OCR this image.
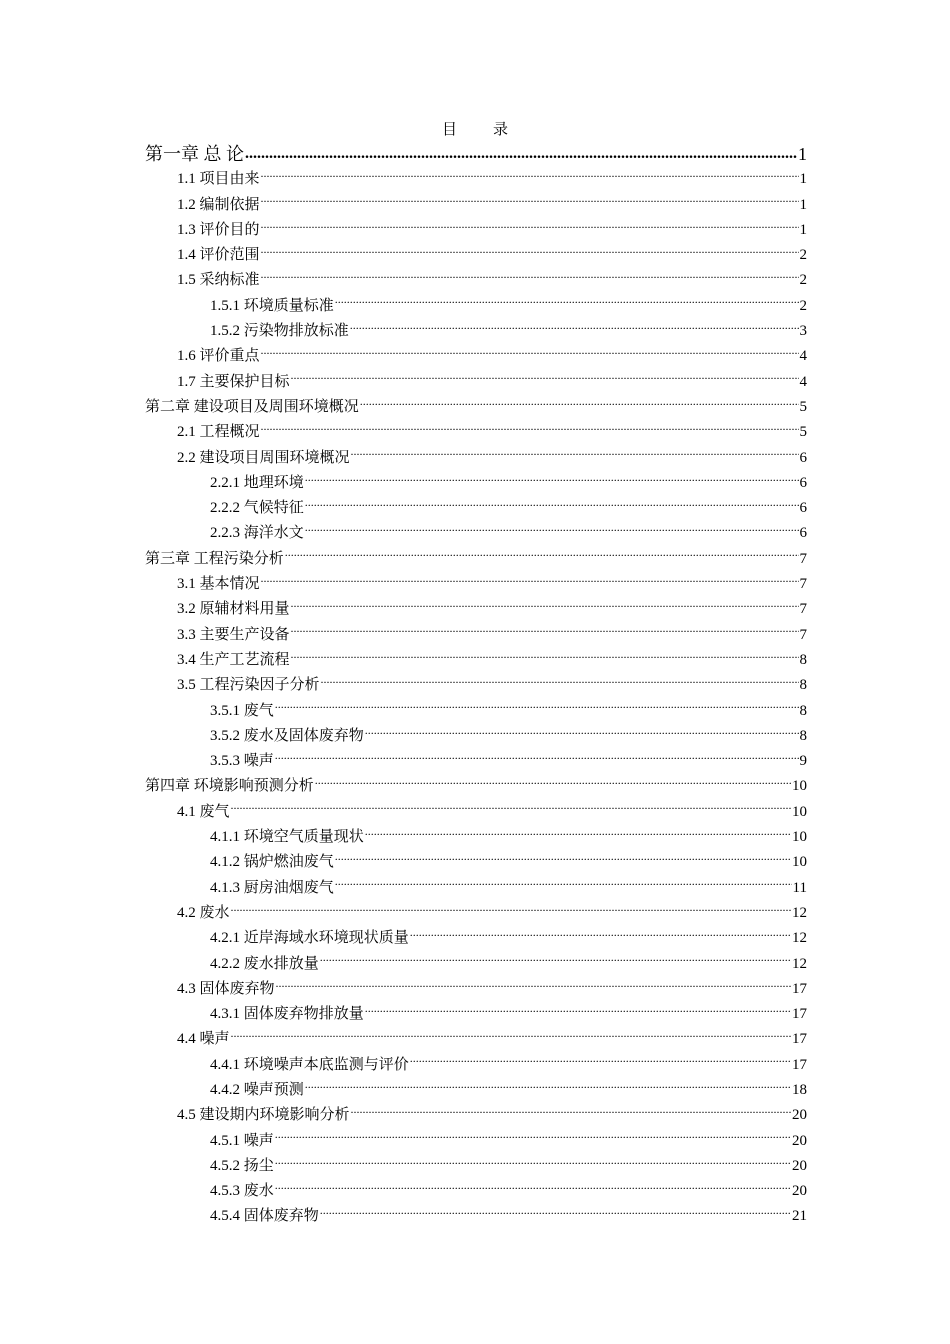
目 录
第一章 总 论 .....	1
1.1 项目由来 .....	1
1.2 编制依据 .....	1
1.3 评价目的 .....	1
1.4 评价范围 .....	2
1.5 采纳标准 .....	2
1.5.1 环境质量标准 .....	2
1.5.2 污染物排放标准 .....	3
1.6 评价重点 .....	4
1.7 主要保护目标 .....	4
第二章 建设项目及周围环境概况 .....	5
2.1 工程概况 .....	5
2.2 建设项目周围环境概况 .....	6
2.2.1 地理环境 .....	6
2.2.2 气候特征 .....	6
2.2.3 海洋水文 .....	6
第三章 工程污染分析 .....	7
3.1 基本情况 .....	7
3.2 原辅材料用量 .....	7
3.3 主要生产设备 .....	7
3.4 生产工艺流程 .....	8
3.5 工程污染因子分析 .....	8
3.5.1 废气 .....	8
3.5.2 废水及固体废弃物 .....	8
3.5.3 噪声 .....	9
第四章 环境影响预测分析 .....	10
4.1 废气 .....	10
4.1.1 环境空气质量现状 .....	10
4.1.2 锅炉燃油废气 .....	10
4.1.3 厨房油烟废气 .....	11
4.2 废水 .....	12
4.2.1 近岸海域水环境现状质量 .....	12
4.2.2 废水排放量 .....	12
4.3 固体废弃物 .....	17
4.3.1 固体废弃物排放量 .....	17
4.4 噪声 .....	17
4.4.1 环境噪声本底监测与评价 .....	17
4.4.2 噪声预测 .....	18
4.5 建设期内环境影响分析 .....	20
4.5.1 噪声 .....	20
4.5.2 扬尘 .....	20
4.5.3 废水 .....	20
4.5.4 固体废弃物 .....	21
